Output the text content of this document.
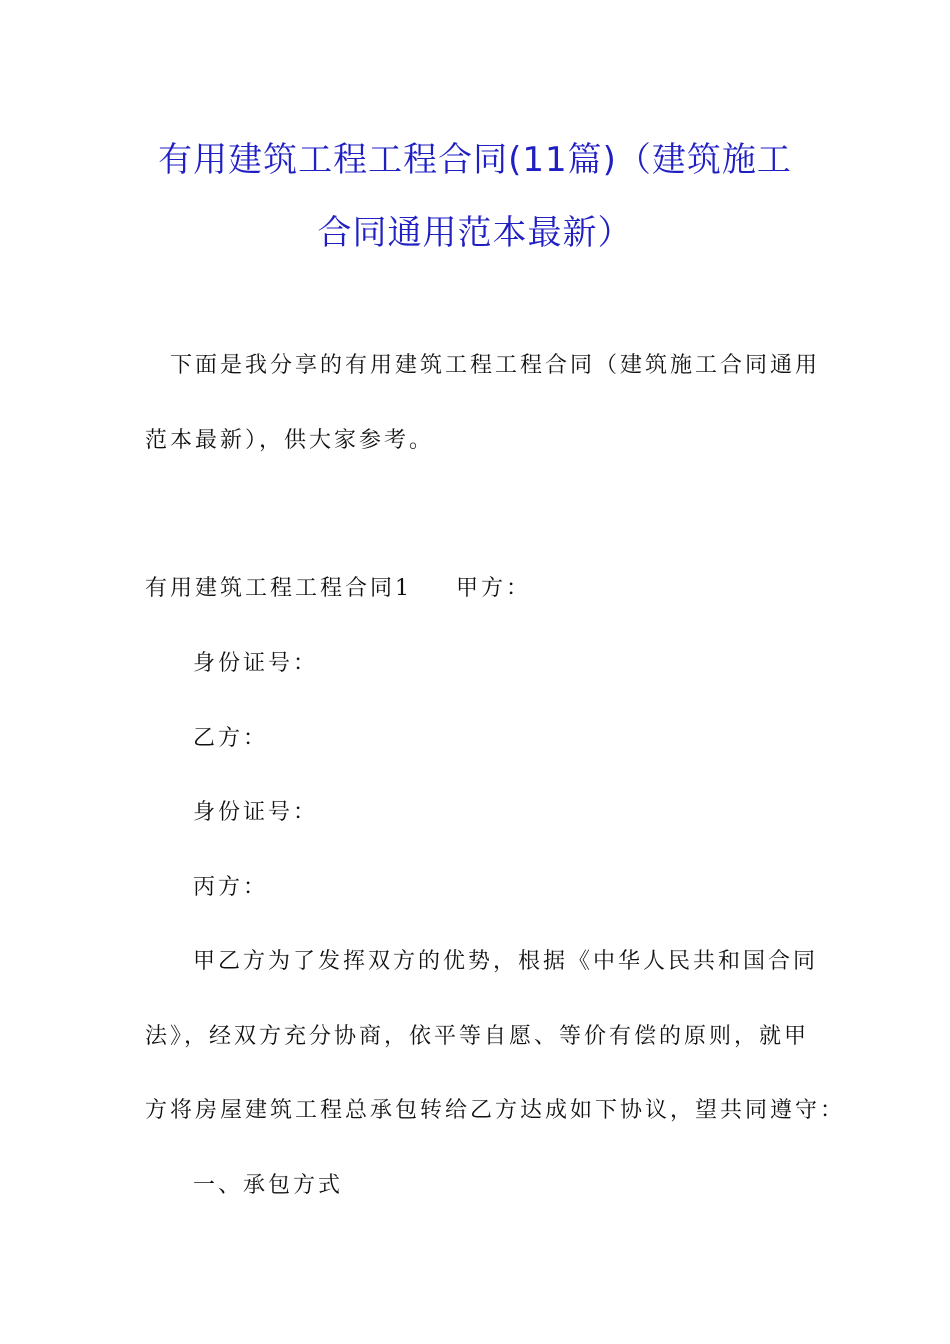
有用建筑工程工程合同(11篇)（建筑施工
合同通用范本最新）
下面是我分享的有用建筑工程工程合同（建筑施工合同通用
范本最新），供大家参考。
有用建筑工程工程合同1 甲方：
身份证号：
乙方：
身份证号：
丙方：
甲乙方为了发挥双方的优势，根据《中华人民共和国合同
法》，经双方充分协商，依平等自愿、等价有偿的原则，就甲
方将房屋建筑工程总承包转给乙方达成如下协议，望共同遵守：
一、承包方式
